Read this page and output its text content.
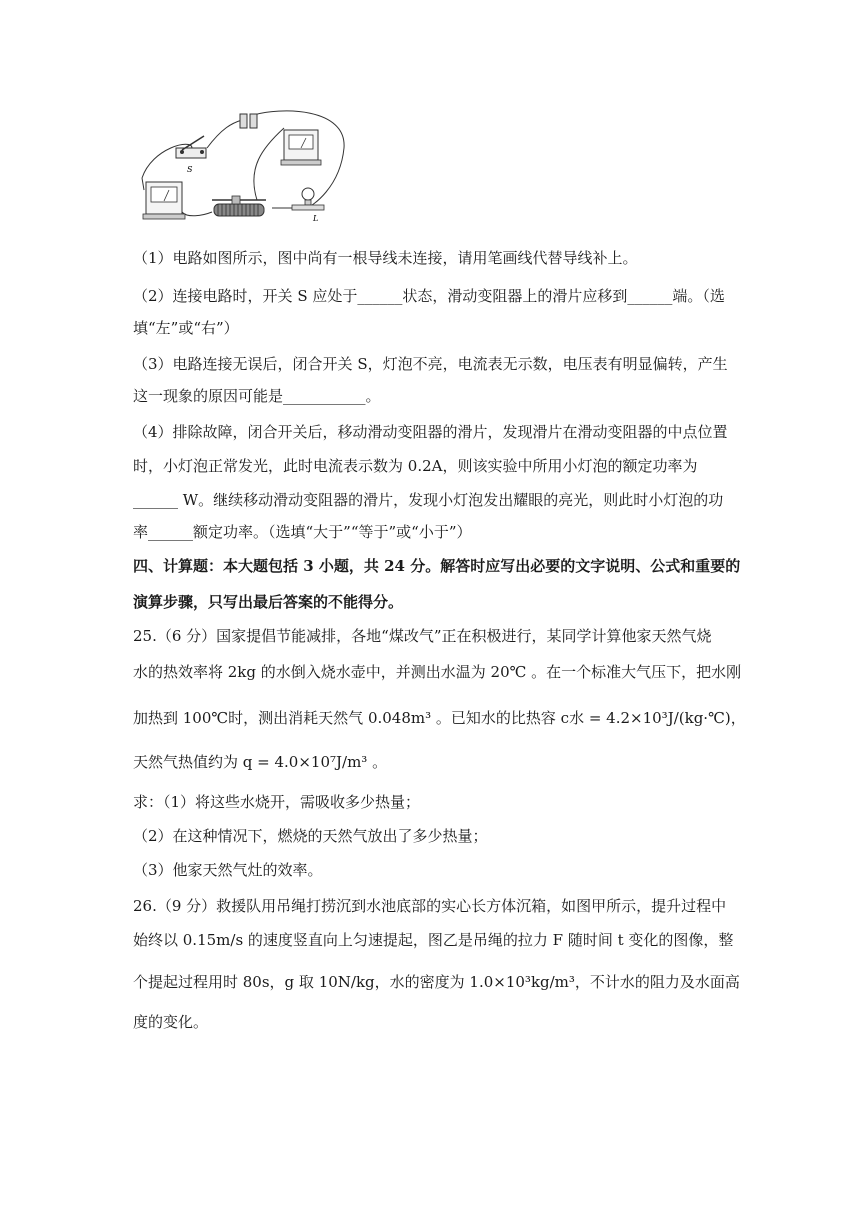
S
L
（1）电路如图所示，图中尚有一根导线未连接，请用笔画线代替导线补上。
（2）连接电路时，开关 S 应处于______状态，滑动变阻器上的滑片应移到______端。（选
填“左”或“右”）
（3）电路连接无误后，闭合开关 S，灯泡不亮，电流表无示数，电压表有明显偏转，产生
这一现象的原因可能是___________。
（4）排除故障，闭合开关后，移动滑动变阻器的滑片，发现滑片在滑动变阻器的中点位置
时，小灯泡正常发光，此时电流表示数为 0.2A，则该实验中所用小灯泡的额定功率为
______ W。继续移动滑动变阻器的滑片，发现小灯泡发出耀眼的亮光，则此时小灯泡的功
率______额定功率。（选填“大于”“等于”或“小于”）
四、计算题：本大题包括 3 小题，共 24 分。解答时应写出必要的文字说明、公式和重要的
演算步骤，只写出最后答案的不能得分。
25.（6 分）国家提倡节能减排，各地“煤改气”正在积极进行，某同学计算他家天然气烧
水的热效率将 2kg 的水倒入烧水壶中，并测出水温为 20℃ 。在一个标准大气压下，把水刚
加热到 100℃时，测出消耗天然气 0.048m³ 。已知水的比热容 c水 = 4.2×10³J/(kg·℃)，
天然气热值约为 q = 4.0×10⁷J/m³ 。
求：（1）将这些水烧开，需吸收多少热量；
（2）在这种情况下，燃烧的天然气放出了多少热量；
（3）他家天然气灶的效率。
26.（9 分）救援队用吊绳打捞沉到水池底部的实心长方体沉箱，如图甲所示，提升过程中
始终以 0.15m/s 的速度竖直向上匀速提起，图乙是吊绳的拉力 F 随时间 t 变化的图像，整
个提起过程用时 80s，g 取 10N/kg，水的密度为 1.0×10³kg/m³，不计水的阻力及水面高
度的变化。
